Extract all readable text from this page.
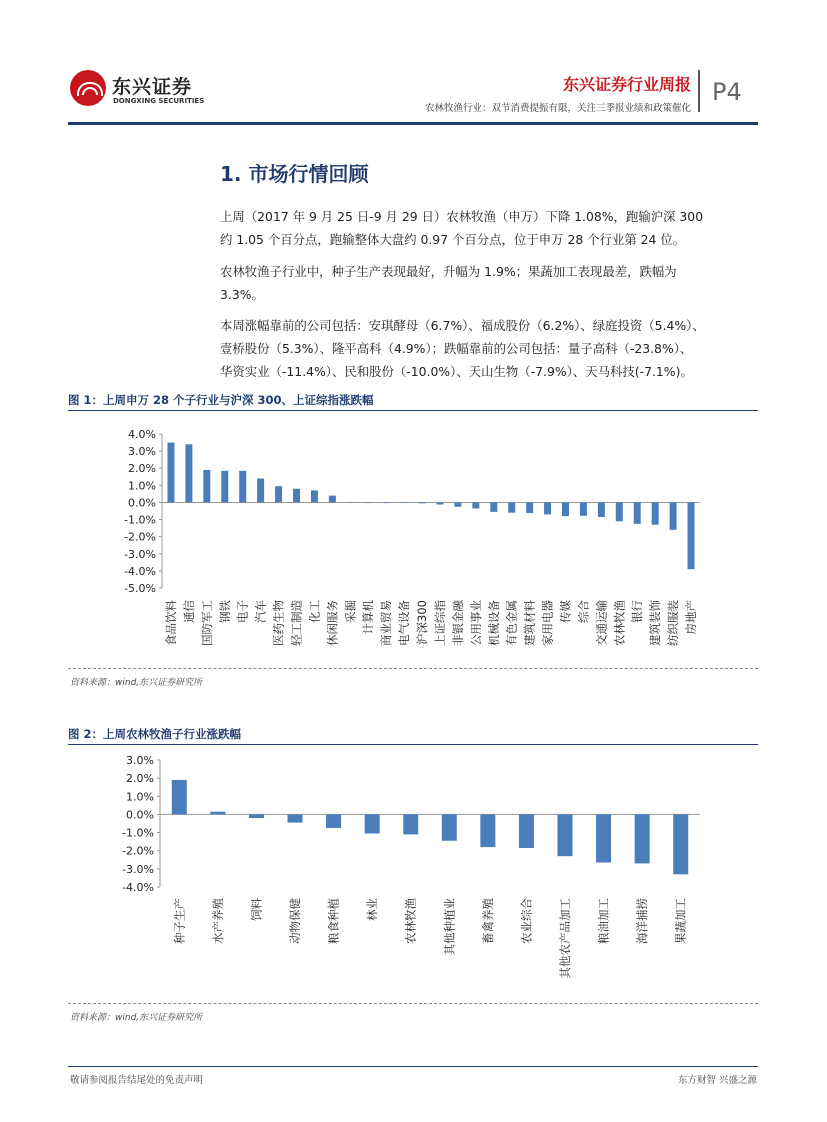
东兴证券
DONGXING SECURITIES
东兴证券行业周报
农林牧渔行业：双节消费提振有限，关注三季报业绩和政策催化
P4
1. 市场行情回顾
上周（2017 年 9 月 25 日-9 月 29 日）农林牧渔（申万）下降 1.08%，跑输沪深 300
约 1.05 个百分点，跑输整体大盘约 0.97 个百分点，位于申万 28 个行业第 24 位。
农林牧渔子行业中，种子生产表现最好，升幅为 1.9%；果蔬加工表现最差，跌幅为
3.3%。
本周涨幅靠前的公司包括：安琪酵母（6.7%）、福成股份（6.2%）、绿庭投资（5.4%）、
壹桥股份（5.3%）、隆平高科（4.9%）；跌幅靠前的公司包括：量子高科（-23.8%）、
华资实业（-11.4%）、民和股份（-10.0%）、天山生物（-7.9%）、天马科技(-7.1%)。
图 1：上周申万 28 个子行业与沪深 300、上证综指涨跌幅
4.0%
3.0%
2.0%
1.0%
0.0%
-1.0%
-2.0%
-3.0%
-4.0%
-5.0%
食品饮料 通信 国防军工 钢铁 电子 汽车 医药生物 轻工制造 化工 休闲服务 采掘 计算机 商业贸易 电气设备 沪深300 上证综指 非银金融 公用事业 机械设备 有色金属 建筑材料 家用电器 传媒 综合 交通运输 农林牧渔 银行 建筑装饰 纺织服装 房地产
资料来源：wind,东兴证券研究所
图 2：上周农林牧渔子行业涨跌幅
3.0%
2.0%
1.0%
0.0%
-1.0%
-2.0%
-3.0%
-4.0%
种子生产 水产养殖 饲料 动物保健 粮食种植 林业 农林牧渔 其他种植业 畜禽养殖 农业综合 其他农产品加工 粮油加工 海洋捕捞 果蔬加工
资料来源：wind,东兴证券研究所
敬请参阅报告结尾处的免责声明	东方财智 兴盛之源
